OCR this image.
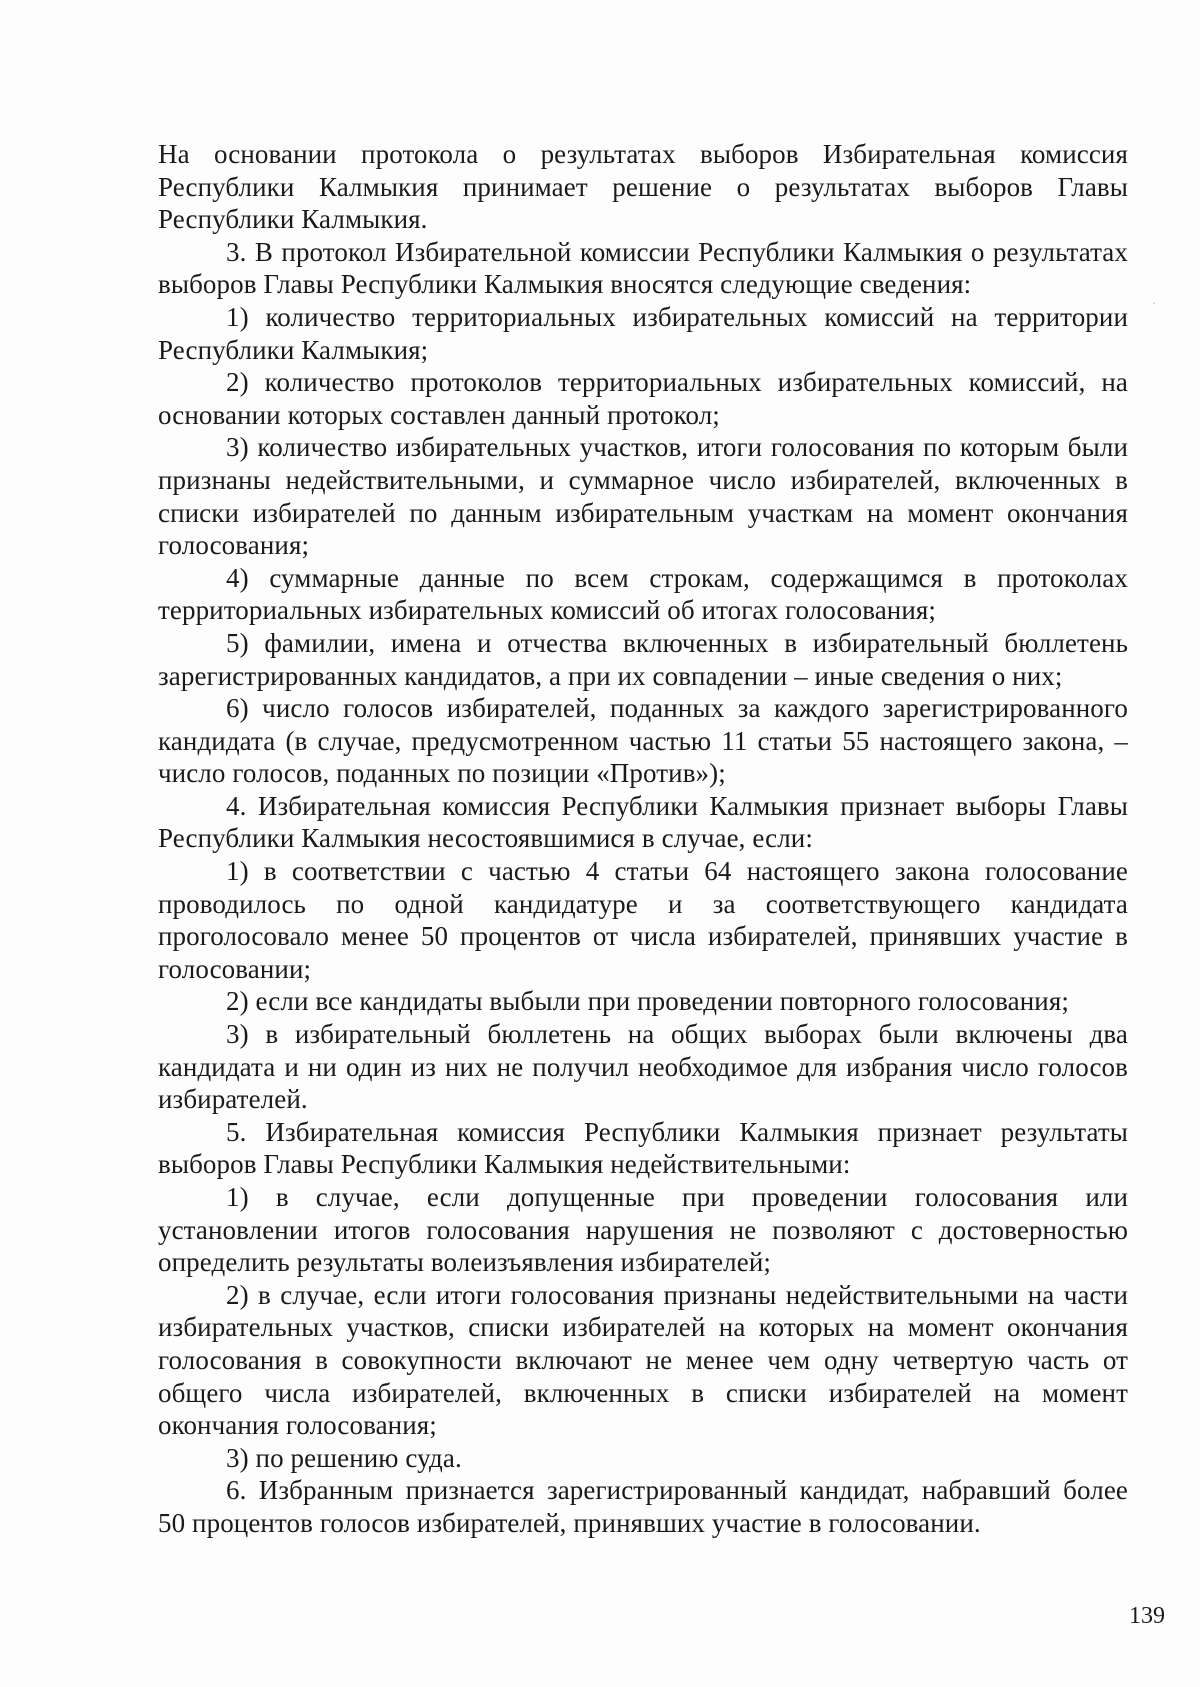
На основании протокола о результатах выборов Избирательная комиссия Республики Калмыкия принимает решение о результатах выборов Главы Республики Калмыкия.

3. В протокол Избирательной комиссии Республики Калмыкия о результатах выборов Главы Республики Калмыкия вносятся следующие сведения:

1) количество территориальных избирательных комиссий на территории Республики Калмыкия;

2) количество протоколов территориальных избирательных комиссий, на основании которых составлен данный протокол;

3) количество избирательных участков, итоги голосования по которым были признаны недействительными, и суммарное число избирателей, включенных в списки избирателей по данным избирательным участкам на момент окончания голосования;

4) суммарные данные по всем строкам, содержащимся в протоколах территориальных избирательных комиссий об итогах голосования;

5) фамилии, имена и отчества включенных в избирательный бюллетень зарегистрированных кандидатов, а при их совпадении – иные сведения о них;

6) число голосов избирателей, поданных за каждого зарегистрированного кандидата (в случае, предусмотренном частью 11 статьи 55 настоящего закона, – число голосов, поданных по позиции «Против»);

4. Избирательная комиссия Республики Калмыкия признает выборы Главы Республики Калмыкия несостоявшимися в случае, если:

1) в соответствии с частью 4 статьи 64 настоящего закона голосование проводилось по одной кандидатуре и за соответствующего кандидата проголосовало менее 50 процентов от числа избирателей, принявших участие в голосовании;

2) если все кандидаты выбыли при проведении повторного голосования;

3) в избирательный бюллетень на общих выборах были включены два кандидата и ни один из них не получил необходимое для избрания число голосов избирателей.

5. Избирательная комиссия Республики Калмыкия признает результаты выборов Главы Республики Калмыкия недействительными:

1) в случае, если допущенные при проведении голосования или установлении итогов голосования нарушения не позволяют с достоверностью определить результаты волеизъявления избирателей;

2) в случае, если итоги голосования признаны недействительными на части избирательных участков, списки избирателей на которых на момент окончания голосования в совокупности включают не менее чем одну четвертую часть от общего числа избирателей, включенных в списки избирателей на момент окончания голосования;

3) по решению суда.

6. Избранным признается зарегистрированный кандидат, набравший более 50 процентов голосов избирателей, принявших участие в голосовании.

139
